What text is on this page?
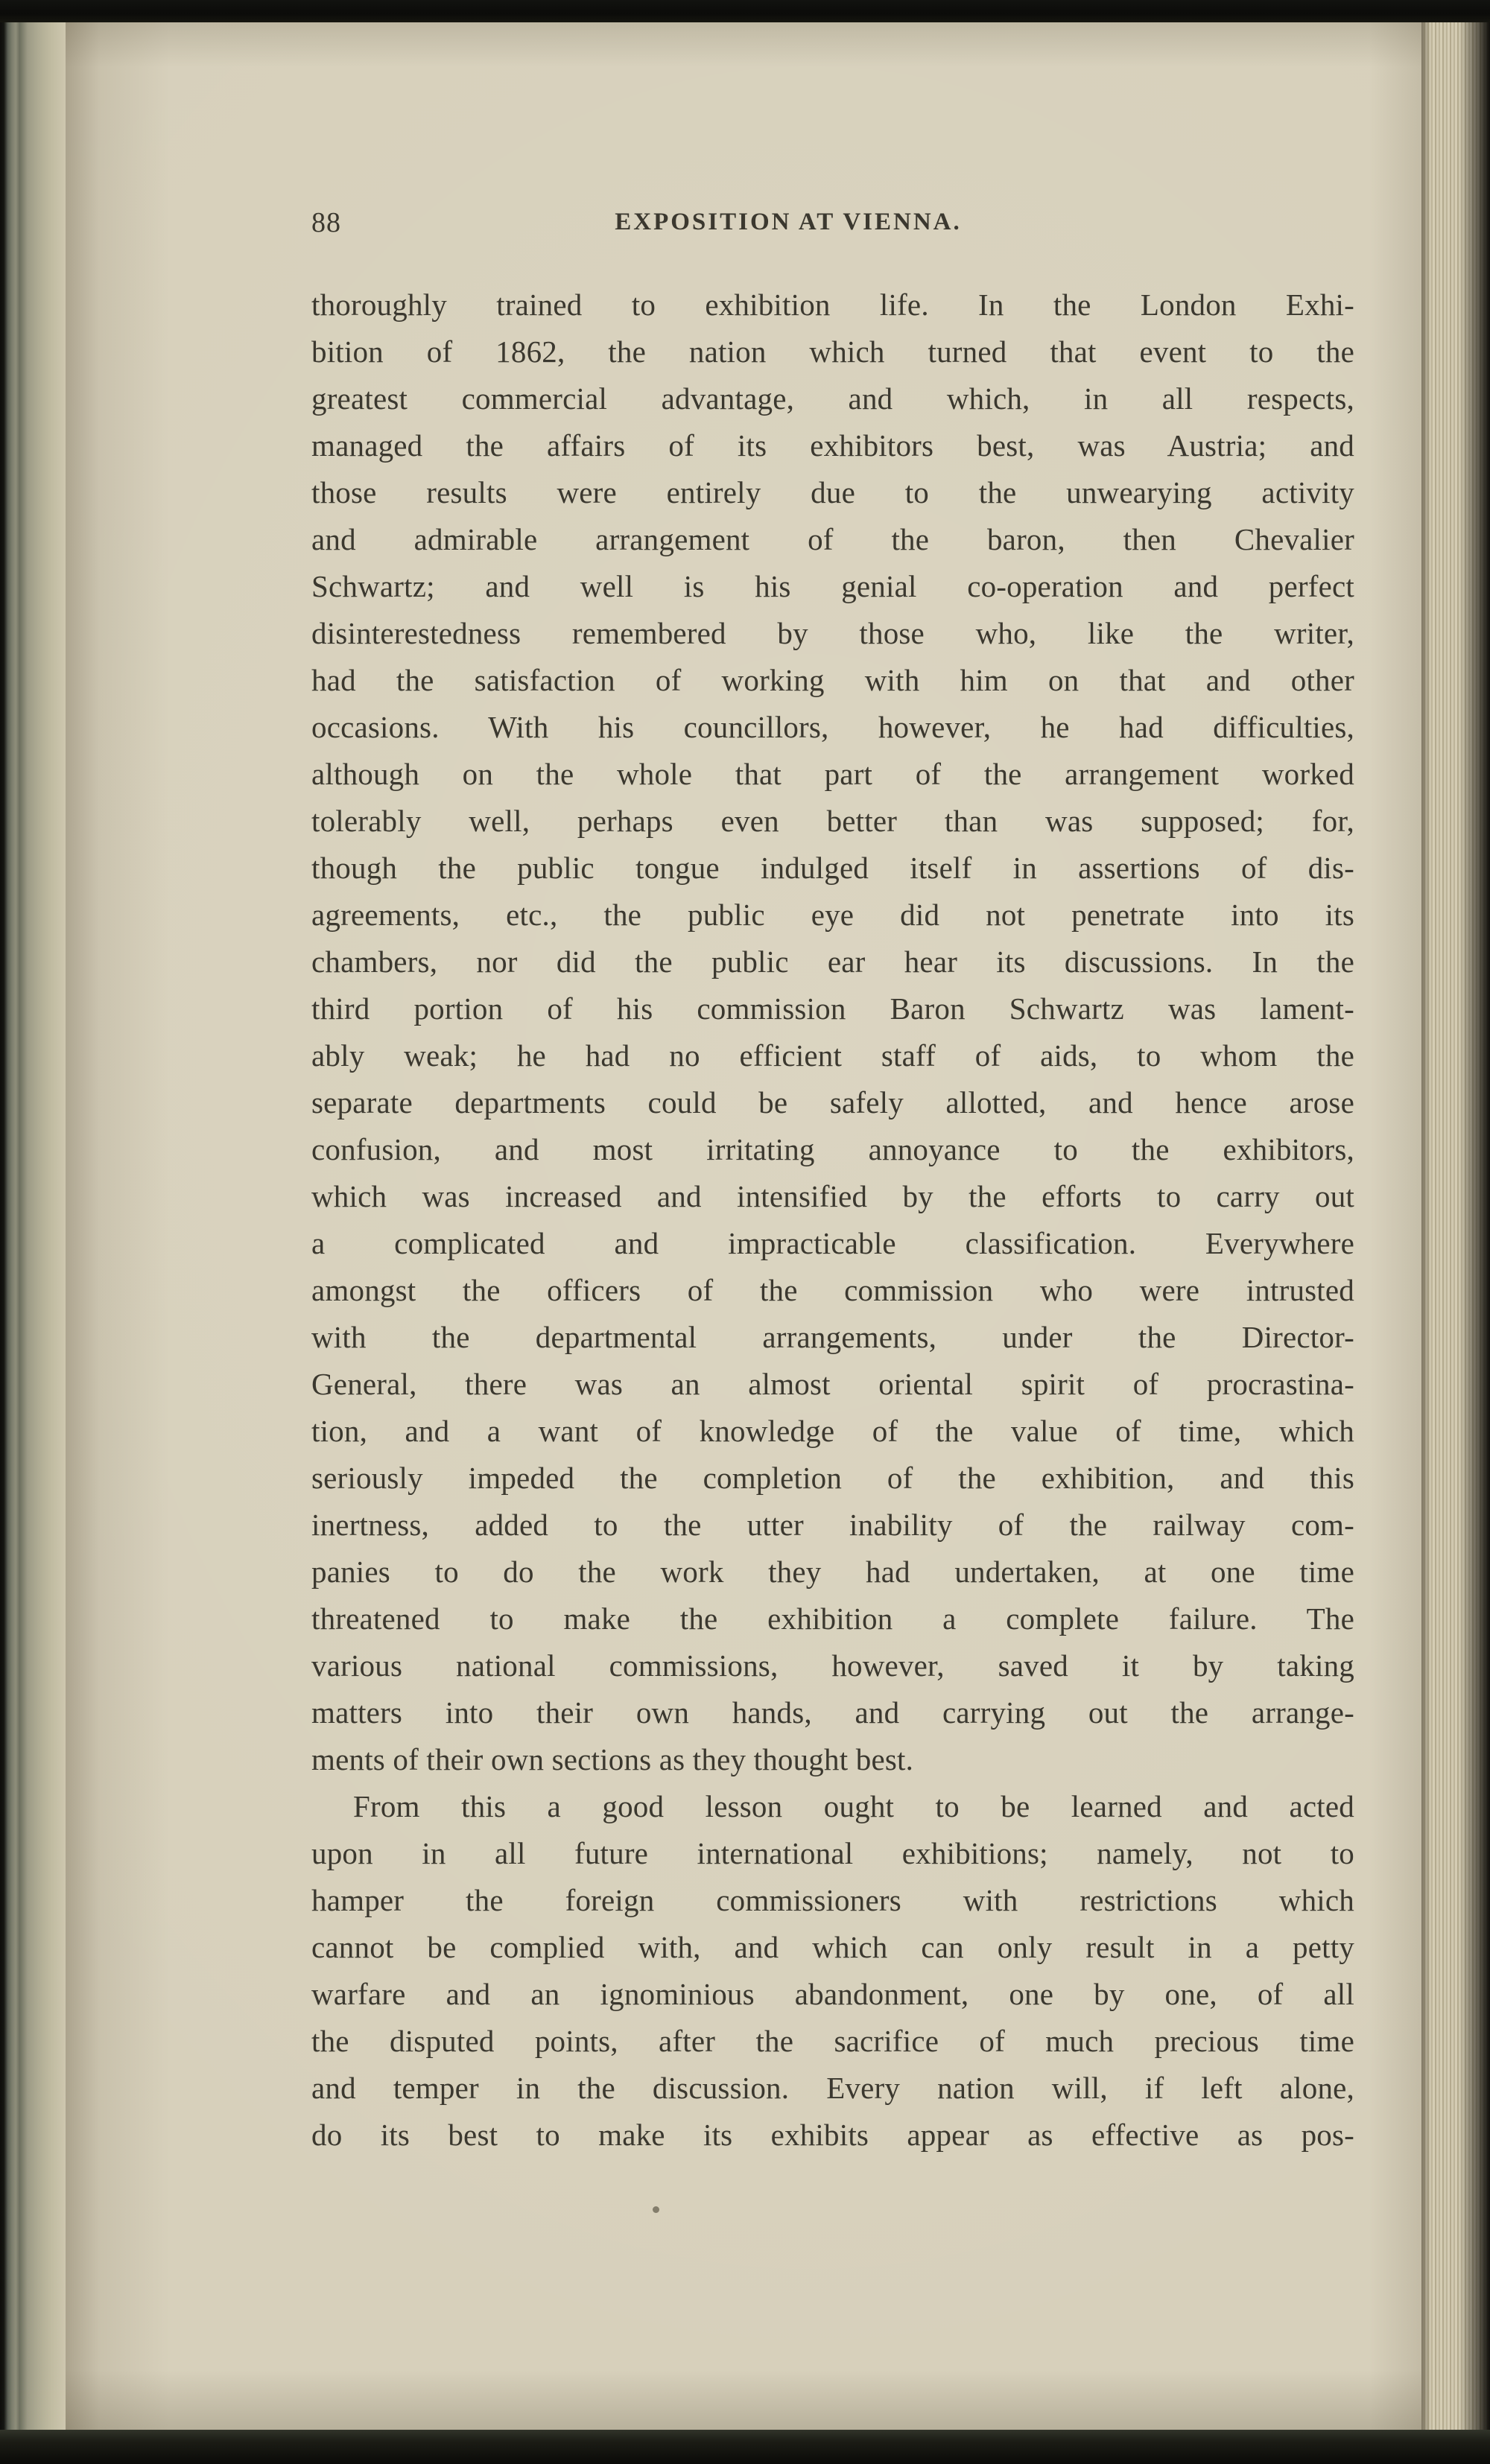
88	EXPOSITION AT VIENNA.
thoroughly trained to exhibition life. In the London Exhi-
bition of 1862, the nation which turned that event to the
greatest commercial advantage, and which, in all respects,
managed the affairs of its exhibitors best, was Austria; and
those results were entirely due to the unwearying activity
and admirable arrangement of the baron, then Chevalier
Schwartz; and well is his genial co-operation and perfect
disinterestedness remembered by those who, like the writer,
had the satisfaction of working with him on that and other
occasions. With his councillors, however, he had difficulties,
although on the whole that part of the arrangement worked
tolerably well, perhaps even better than was supposed; for,
though the public tongue indulged itself in assertions of dis-
agreements, etc., the public eye did not penetrate into its
chambers, nor did the public ear hear its discussions. In the
third portion of his commission Baron Schwartz was lament-
ably weak; he had no efficient staff of aids, to whom the
separate departments could be safely allotted, and hence arose
confusion, and most irritating annoyance to the exhibitors,
which was increased and intensified by the efforts to carry out
a complicated and impracticable classification. Everywhere
amongst the officers of the commission who were intrusted
with the departmental arrangements, under the Director-
General, there was an almost oriental spirit of procrastina-
tion, and a want of knowledge of the value of time, which
seriously impeded the completion of the exhibition, and this
inertness, added to the utter inability of the railway com-
panies to do the work they had undertaken, at one time
threatened to make the exhibition a complete failure. The
various national commissions, however, saved it by taking
matters into their own hands, and carrying out the arrange-
ments of their own sections as they thought best.
From this a good lesson ought to be learned and acted
upon in all future international exhibitions; namely, not to
hamper the foreign commissioners with restrictions which
cannot be complied with, and which can only result in a petty
warfare and an ignominious abandonment, one by one, of all
the disputed points, after the sacrifice of much precious time
and temper in the discussion. Every nation will, if left alone,
do its best to make its exhibits appear as effective as pos-
